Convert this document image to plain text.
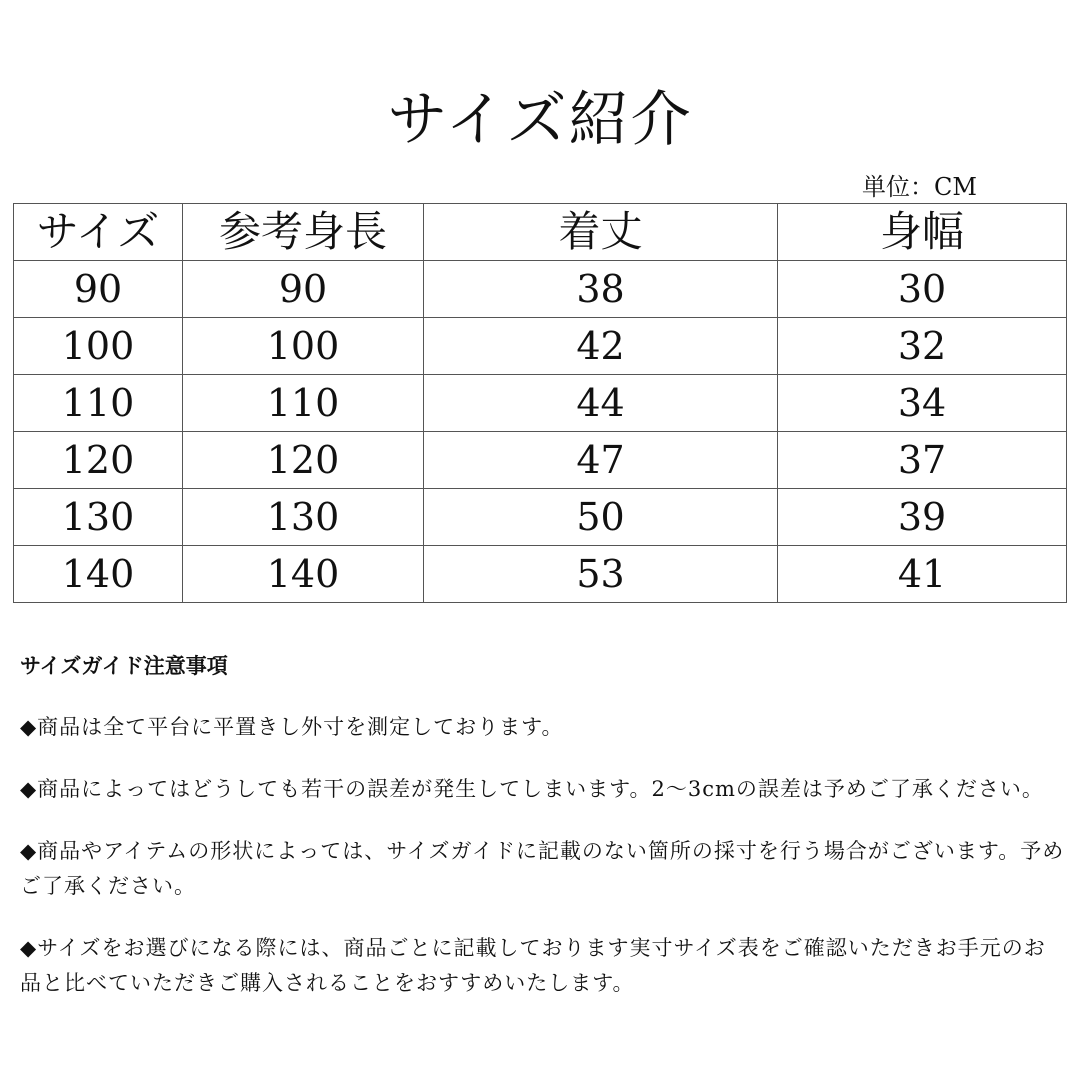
サイズ紹介
単位：CM
サイズ	参考身長	着丈	身幅
90	90	38	30
100	100	42	32
110	110	44	34
120	120	47	37
130	130	50	39
140	140	53	41
サイズガイド注意事項

◆商品は全て平台に平置きし外寸を測定しております。

◆商品によってはどうしても若干の誤差が発生してしまいます。2〜3cmの誤差は予めご了承ください。

◆商品やアイテムの形状によっては、サイズガイドに記載のない箇所の採寸を行う場合がございます。予めご了承ください。

◆サイズをお選びになる際には、商品ごとに記載しております実寸サイズ表をご確認いただきお手元のお品と比べていただきご購入されることをおすすめいたします。
